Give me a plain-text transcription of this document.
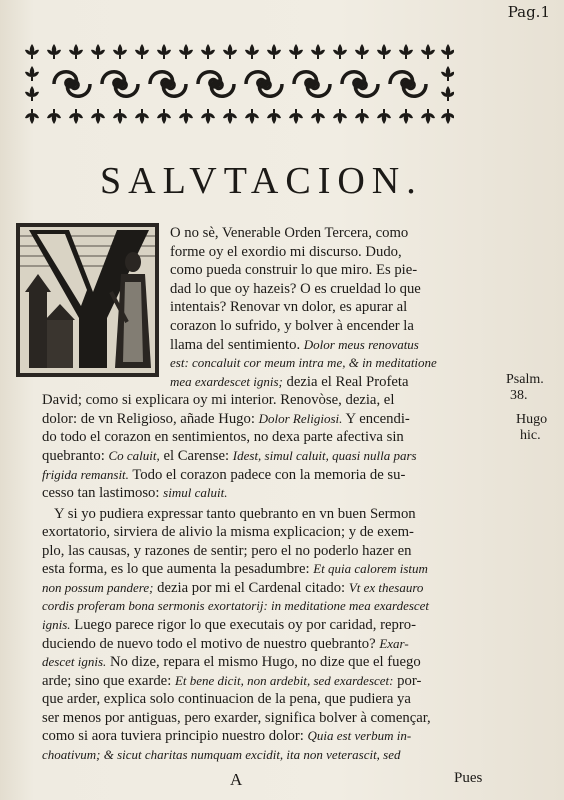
Pag.1
SALVTACION.
O no sè, Venerable Orden Tercera, como
forme oy el exordio mi discurso. Dudo,
como pueda construir lo que miro. Es pie-
dad lo que oy hazeis? O es crueldad lo que
intentais? Renovar vn dolor, es apurar al
corazon lo sufrido, y bolver à encender la
llama del sentimiento. Dolor meus renovatus
est: concaluit cor meum intra me, & in meditatione
mea exardescet ignis; dezia el Real Profeta
David; como si explicara oy mi interior. Renovòse, dezia, el
dolor: de vn Religioso, añade Hugo: Dolor Religiosi. Y encendi-
do todo el corazon en sentimientos, no dexa parte afectiva sin
quebranto: Co caluit, el Carense: Idest, simul caluit, quasi nulla pars
frigida remansit. Todo el corazon padece con la memoria de su-
cesso tan lastimoso: simul caluit.
Y si yo pudiera expressar tanto quebranto en vn buen Sermon
exortatorio, sirviera de alivio la misma explicacion; y de exem-
plo, las causas, y razones de sentir; pero el no poderlo hazer en
esta forma, es lo que aumenta la pesadumbre: Et quia calorem istum
non possum pandere; dezia por mi el Cardenal citado: Vt ex thesauro
cordis proferam bona sermonis exortatorij: in meditatione mea exardescet
ignis. Luego parece rigor lo que executais oy por caridad, repro-
duciendo de nuevo todo el motivo de nuestro quebranto? Exar-
descet ignis. No dize, repara el mismo Hugo, no dize que el fuego
arde; sino que exarde: Et bene dicit, non ardebit, sed exardescet: por-
que arder, explica solo continuacion de la pena, que pudiera ya
ser menos por antiguas, pero exarder, significa bolver à començar,
como si aora tuviera principio nuestro dolor: Quia est verbum in-
choativum; & sicut charitas numquam excidit, ita non veterascit, sed
Psalm.
38.
Hugo
hic.
A	Pues
